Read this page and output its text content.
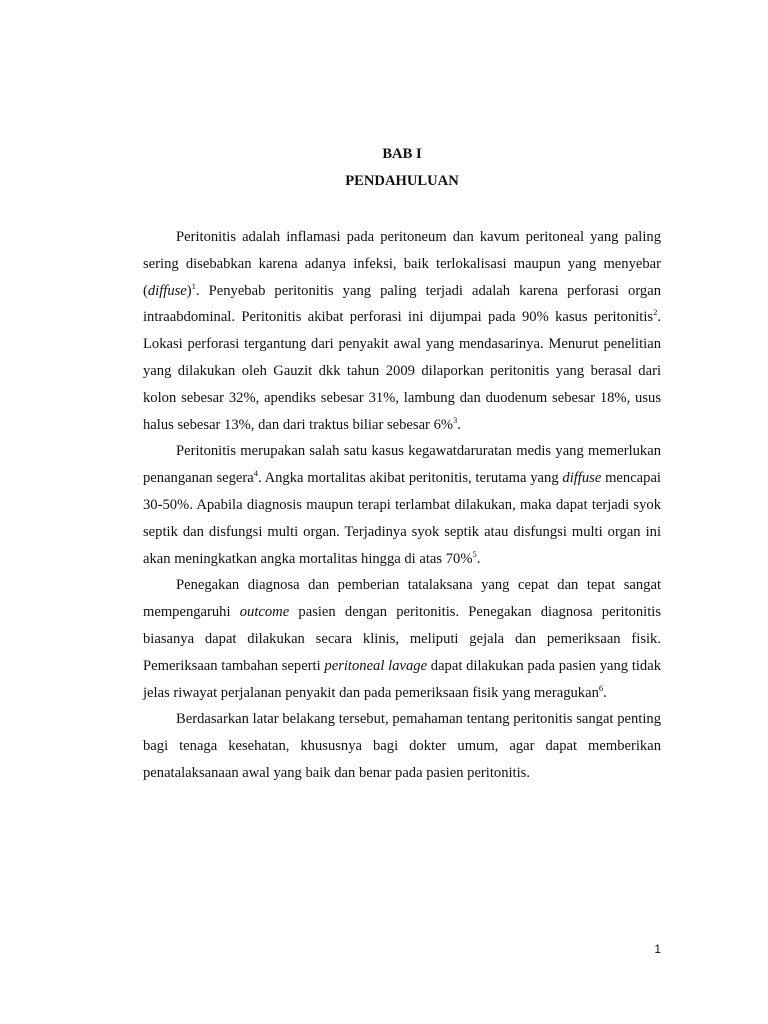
BAB I
PENDAHULUAN

Peritonitis adalah inflamasi pada peritoneum dan kavum peritoneal yang paling sering disebabkan karena adanya infeksi, baik terlokalisasi maupun yang menyebar (diffuse)$^1$. Penyebab peritonitis yang paling terjadi adalah karena perforasi organ intraabdominal. Peritonitis akibat perforasi ini dijumpai pada 90% kasus peritonitis$^2$. Lokasi perforasi tergantung dari penyakit awal yang mendasarinya. Menurut penelitian yang dilakukan oleh Gauzit dkk tahun 2009 dilaporkan peritonitis yang berasal dari kolon sebesar 32%, apendiks sebesar 31%, lambung dan duodenum sebesar 18%, usus halus sebesar 13%, dan dari traktus biliar sebesar 6%$^3$.

Peritonitis merupakan salah satu kasus kegawatdaruratan medis yang memerlukan penanganan segera$^4$. Angka mortalitas akibat peritonitis, terutama yang diffuse mencapai 30-50%. Apabila diagnosis maupun terapi terlambat dilakukan, maka dapat terjadi syok septik dan disfungsi multi organ. Terjadinya syok septik atau disfungsi multi organ ini akan meningkatkan angka mortalitas hingga di atas 70%$^5$.

Penegakan diagnosa dan pemberian tatalaksana yang cepat dan tepat sangat mempengaruhi outcome pasien dengan peritonitis. Penegakan diagnosa peritonitis biasanya dapat dilakukan secara klinis, meliputi gejala dan pemeriksaan fisik. Pemeriksaan tambahan seperti peritoneal lavage dapat dilakukan pada pasien yang tidak jelas riwayat perjalanan penyakit dan pada pemeriksaan fisik yang meragukan$^6$.

Berdasarkan latar belakang tersebut, pemahaman tentang peritonitis sangat penting bagi tenaga kesehatan, khususnya bagi dokter umum, agar dapat memberikan penatalaksanaan awal yang baik dan benar pada pasien peritonitis.

1
